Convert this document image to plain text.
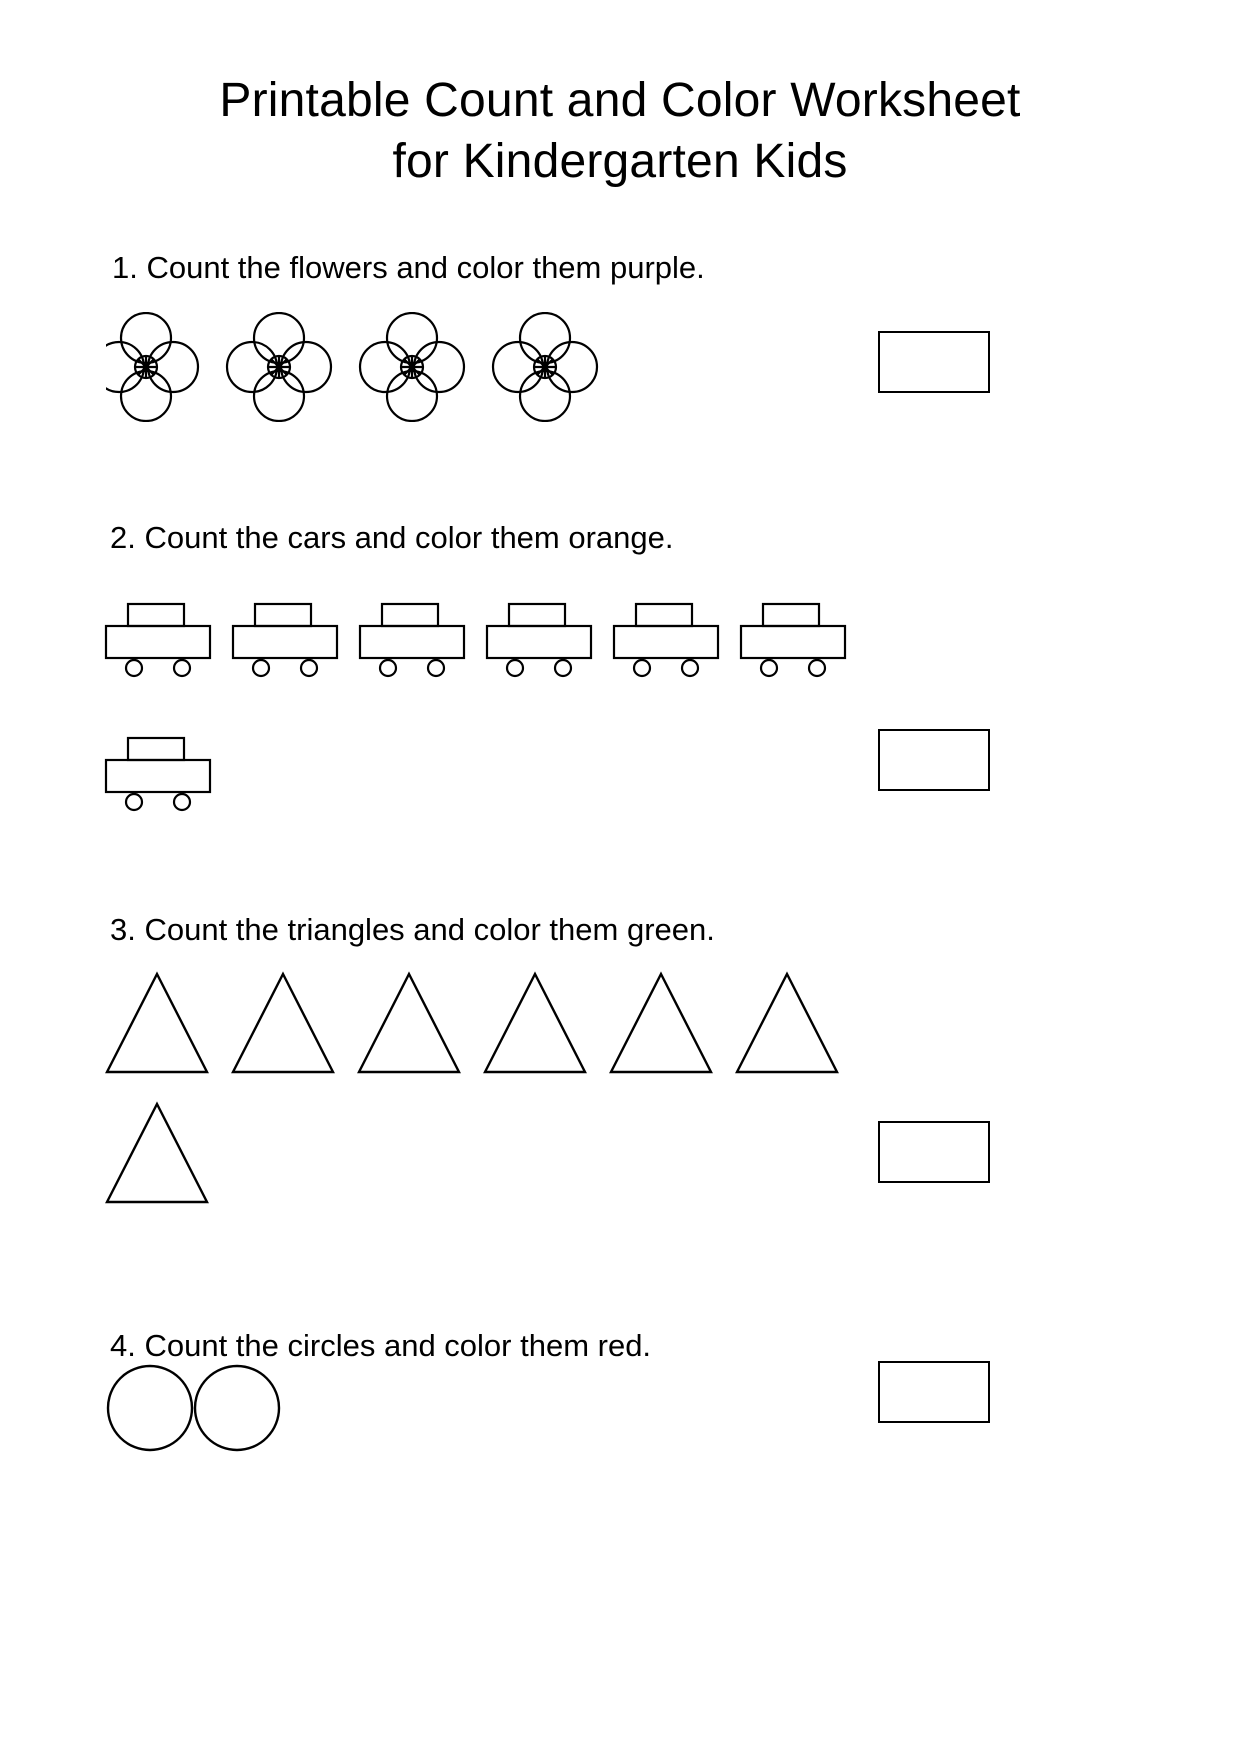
Printable Count and Color Worksheet
for Kindergarten Kids
1. Count the flowers and color them purple.
2. Count the cars and color them orange.
3. Count the triangles and color them green.
4. Count the circles and color them red.
